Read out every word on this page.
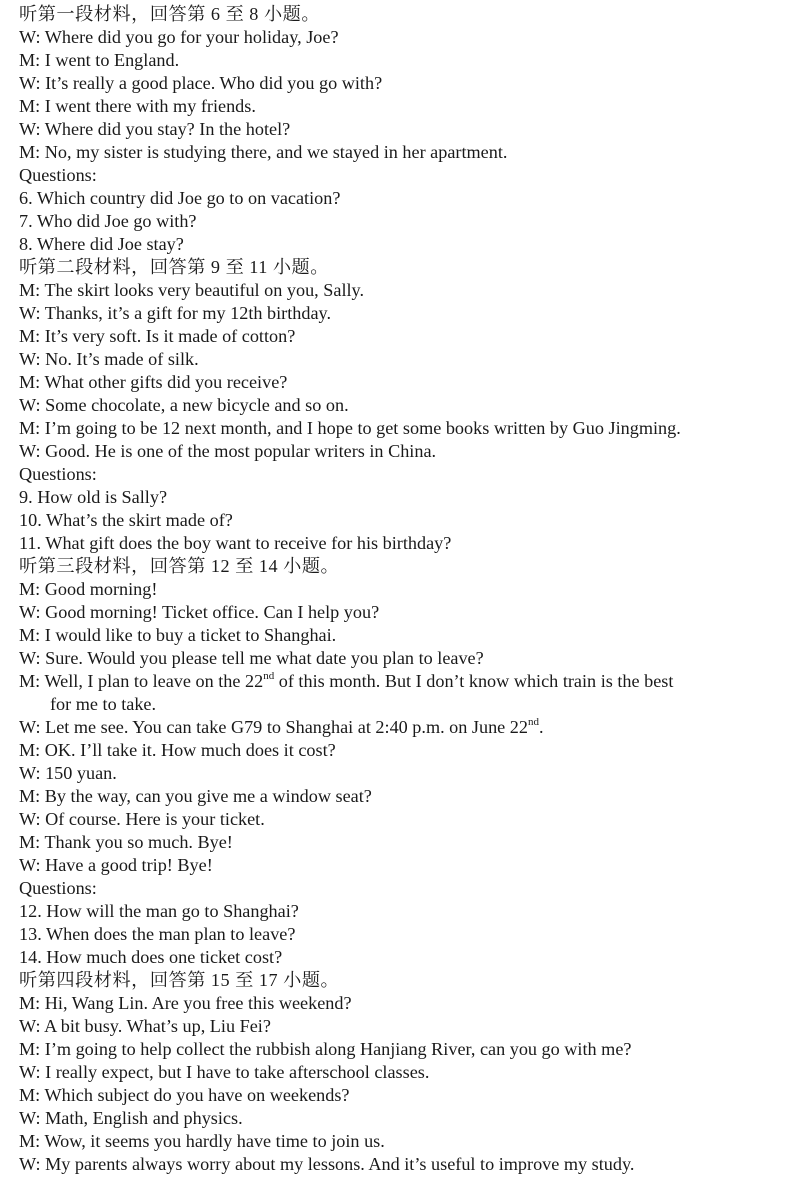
听第一段材料，回答第 6 至 8 小题。
W: Where did you go for your holiday, Joe?
M: I went to England.
W: It’s really a good place. Who did you go with?
M: I went there with my friends.
W: Where did you stay? In the hotel?
M: No, my sister is studying there, and we stayed in her apartment.
Questions:
6. Which country did Joe go to on vacation?
7. Who did Joe go with?
8. Where did Joe stay?
听第二段材料，回答第 9 至 11 小题。
M: The skirt looks very beautiful on you, Sally.
W: Thanks, it’s a gift for my 12th birthday.
M: It’s very soft. Is it made of cotton?
W: No. It’s made of silk.
M: What other gifts did you receive?
W: Some chocolate, a new bicycle and so on.
M: I’m going to be 12 next month, and I hope to get some books written by Guo Jingming.
W: Good. He is one of the most popular writers in China.
Questions:
9. How old is Sally?
10. What’s the skirt made of?
11. What gift does the boy want to receive for his birthday?
听第三段材料，回答第 12 至 14 小题。
M: Good morning!
W: Good morning! Ticket office. Can I help you?
M: I would like to buy a ticket to Shanghai.
W: Sure. Would you please tell me what date you plan to leave?
M: Well, I plan to leave on the 22nd of this month. But I don’t know which train is the best
for me to take.
W: Let me see. You can take G79 to Shanghai at 2:40 p.m. on June 22nd.
M: OK. I’ll take it. How much does it cost?
W: 150 yuan.
M: By the way, can you give me a window seat?
W: Of course. Here is your ticket.
M: Thank you so much. Bye!
W: Have a good trip! Bye!
Questions:
12. How will the man go to Shanghai?
13. When does the man plan to leave?
14. How much does one ticket cost?
听第四段材料，回答第 15 至 17 小题。
M: Hi, Wang Lin. Are you free this weekend?
W: A bit busy. What’s up, Liu Fei?
M: I’m going to help collect the rubbish along Hanjiang River, can you go with me?
W: I really expect, but I have to take afterschool classes.
M: Which subject do you have on weekends?
W: Math, English and physics.
M: Wow, it seems you hardly have time to join us.
W: My parents always worry about my lessons. And it’s useful to improve my study.
